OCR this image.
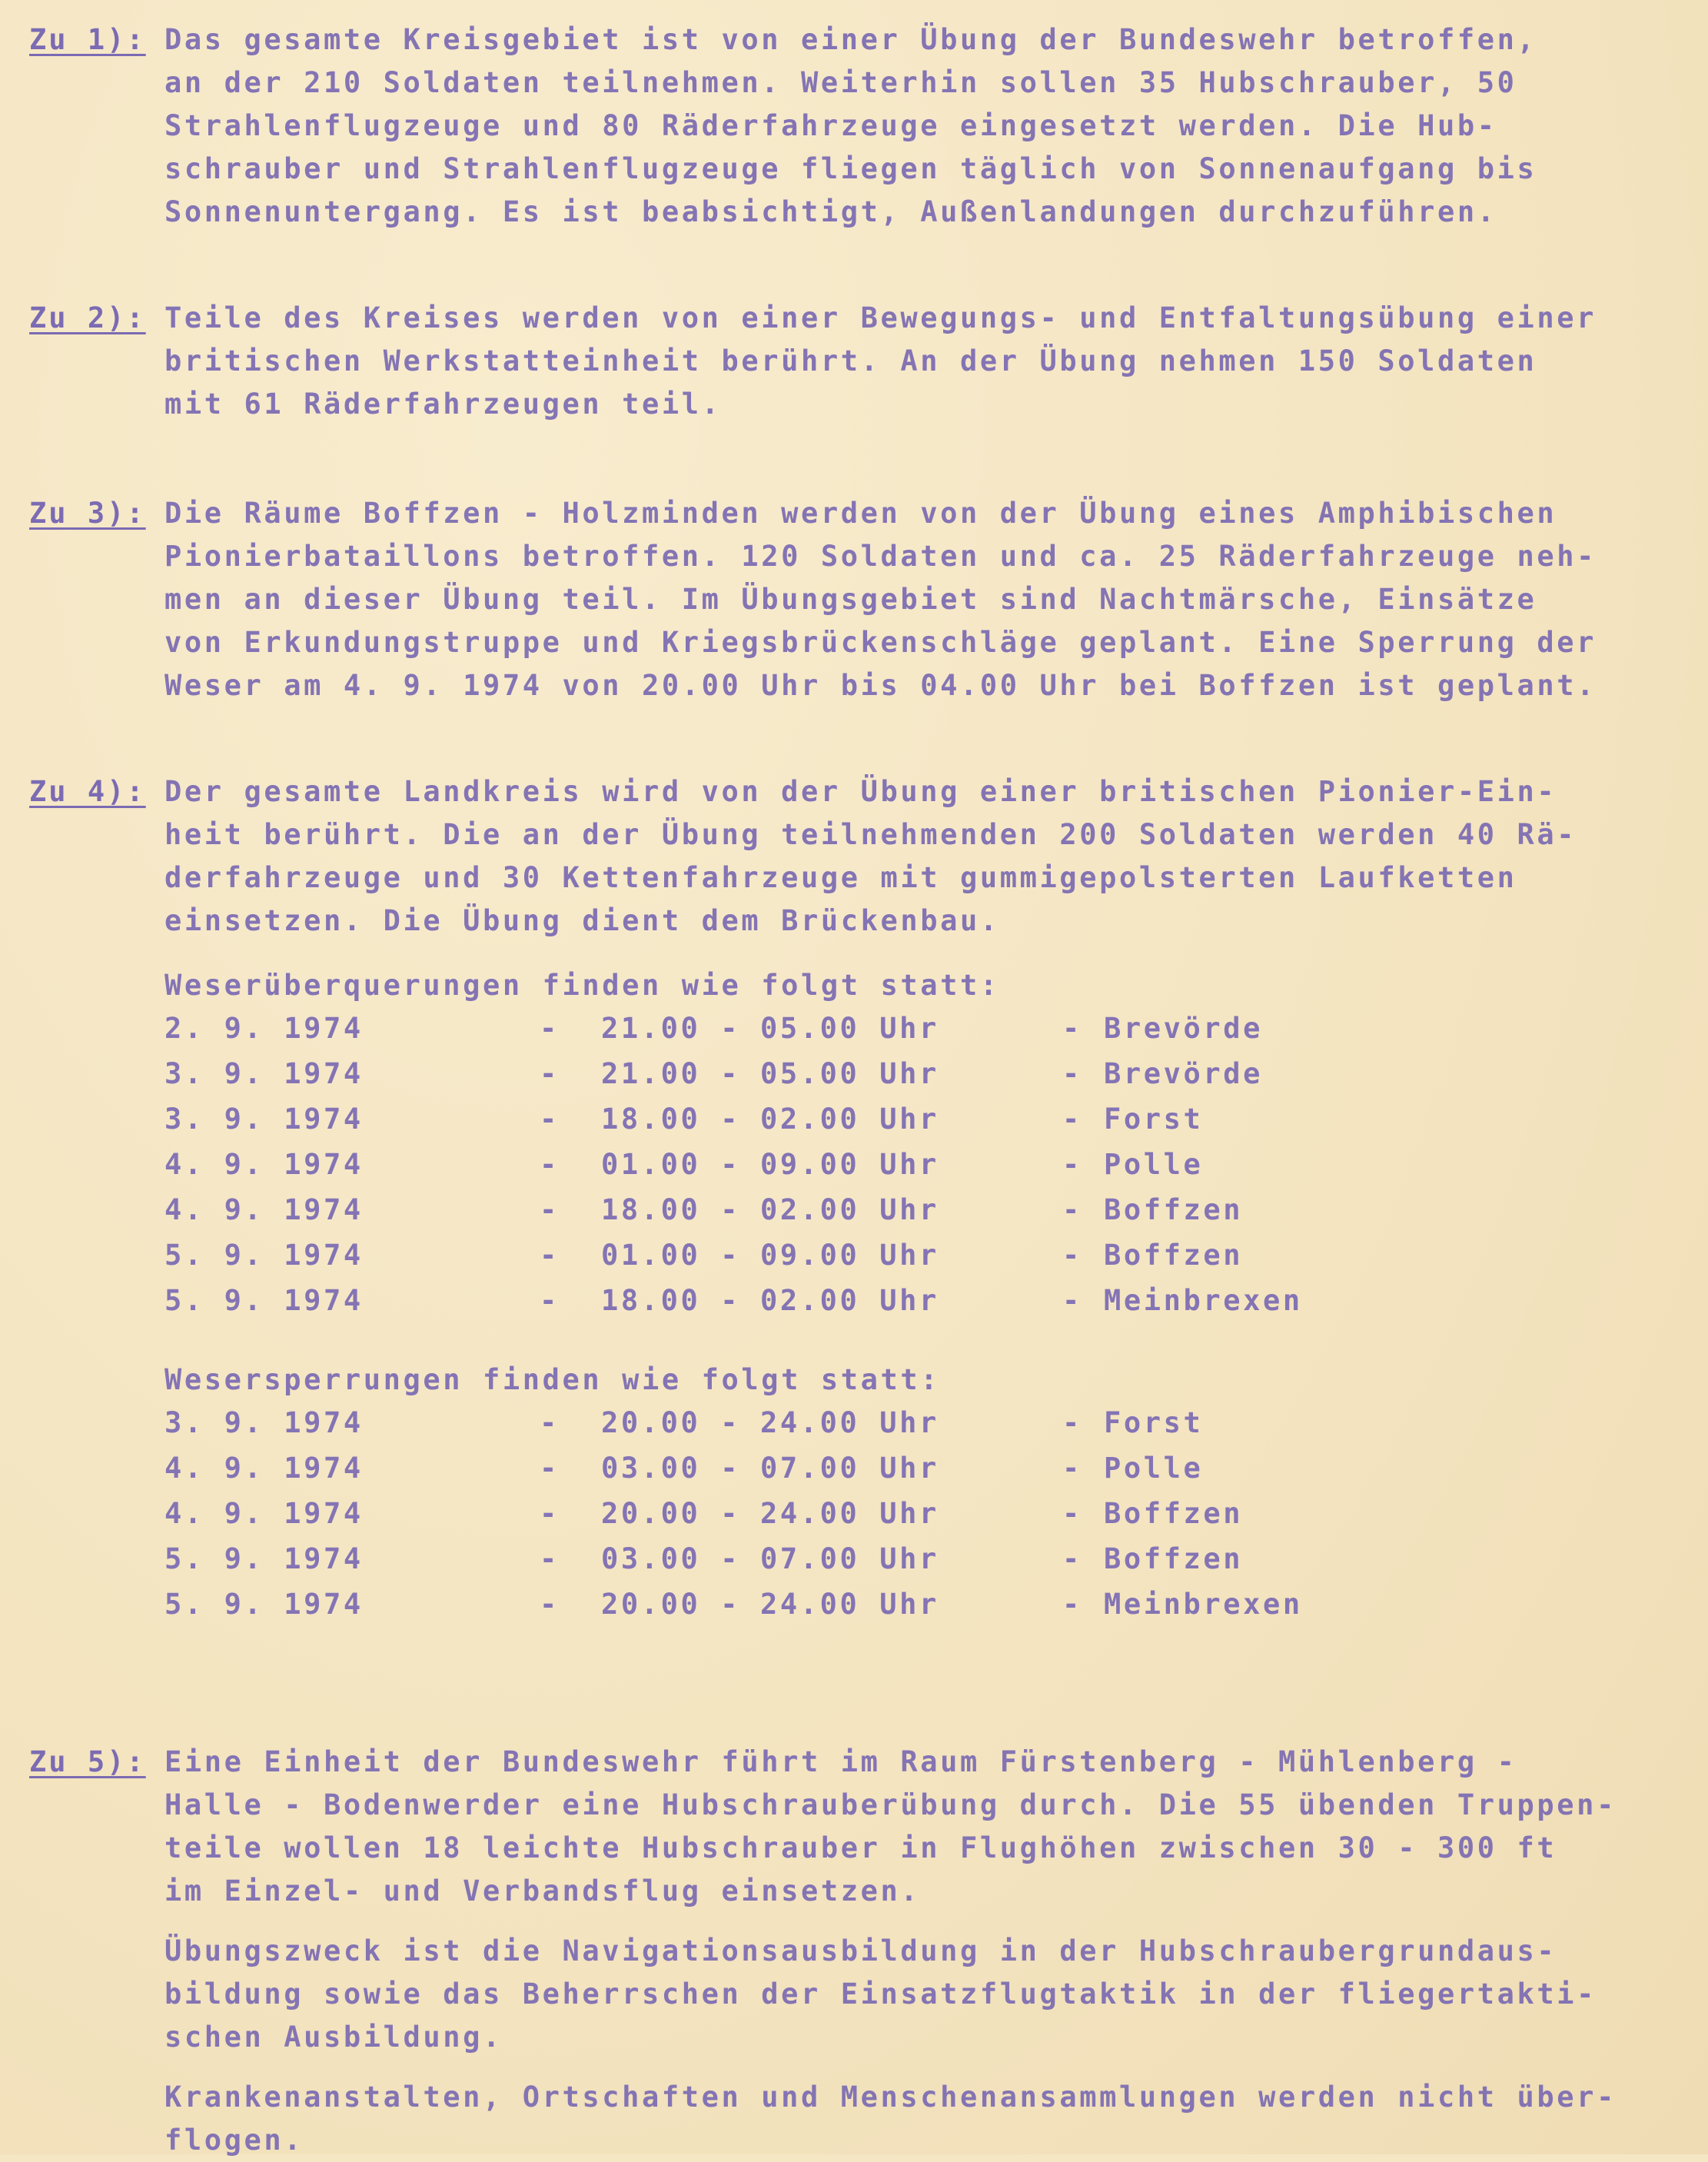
Zu 1): Das gesamte Kreisgebiet ist von einer Übung der Bundeswehr betroffen,
an der 210 Soldaten teilnehmen. Weiterhin sollen 35 Hubschrauber, 50
Strahlenflugzeuge und 80 Räderfahrzeuge eingesetzt werden. Die Hub-
schrauber und Strahlenflugzeuge fliegen täglich von Sonnenaufgang bis
Sonnenuntergang. Es ist beabsichtigt, Außenlandungen durchzuführen.
Zu 2): Teile des Kreises werden von einer Bewegungs- und Entfaltungsübung einer
britischen Werkstatteinheit berührt. An der Übung nehmen 150 Soldaten
mit 61 Räderfahrzeugen teil.
Zu 3): Die Räume Boffzen - Holzminden werden von der Übung eines Amphibischen
Pionierbataillons betroffen. 120 Soldaten und ca. 25 Räderfahrzeuge neh-
men an dieser Übung teil. Im Übungsgebiet sind Nachtmärsche, Einsätze
von Erkundungstruppe und Kriegsbrückenschläge geplant. Eine Sperrung der
Weser am 4. 9. 1974 von 20.00 Uhr bis 04.00 Uhr bei Boffzen ist geplant.
Zu 4): Der gesamte Landkreis wird von der Übung einer britischen Pionier-Ein-
heit berührt. Die an der Übung teilnehmenden 200 Soldaten werden 40 Rä-
derfahrzeuge und 30 Kettenfahrzeuge mit gummigepolsterten Laufketten
einsetzen. Die Übung dient dem Brückenbau.
Weserüberquerungen finden wie folgt statt:
2. 9. 1974	- 21.00 - 05.00 Uhr	- Brevörde
3. 9. 1974	- 21.00 - 05.00 Uhr	- Brevörde
3. 9. 1974	- 18.00 - 02.00 Uhr	- Forst
4. 9. 1974	- 01.00 - 09.00 Uhr	- Polle
4. 9. 1974	- 18.00 - 02.00 Uhr	- Boffzen
5. 9. 1974	- 01.00 - 09.00 Uhr	- Boffzen
5. 9. 1974	- 18.00 - 02.00 Uhr	- Meinbrexen
Wesersperrungen finden wie folgt statt:
3. 9. 1974	- 20.00 - 24.00 Uhr	- Forst
4. 9. 1974	- 03.00 - 07.00 Uhr	- Polle
4. 9. 1974	- 20.00 - 24.00 Uhr	- Boffzen
5. 9. 1974	- 03.00 - 07.00 Uhr	- Boffzen
5. 9. 1974	- 20.00 - 24.00 Uhr	- Meinbrexen
Zu 5): Eine Einheit der Bundeswehr führt im Raum Fürstenberg - Mühlenberg -
Halle - Bodenwerder eine Hubschrauberübung durch. Die 55 übenden Truppen-
teile wollen 18 leichte Hubschrauber in Flughöhen zwischen 30 - 300 ft
im Einzel- und Verbandsflug einsetzen.
Übungszweck ist die Navigationsausbildung in der Hubschraubergrundaus-
bildung sowie das Beherrschen der Einsatzflugtaktik in der fliegertakti-
schen Ausbildung.
Krankenanstalten, Ortschaften und Menschenansammlungen werden nicht über-
flogen.
